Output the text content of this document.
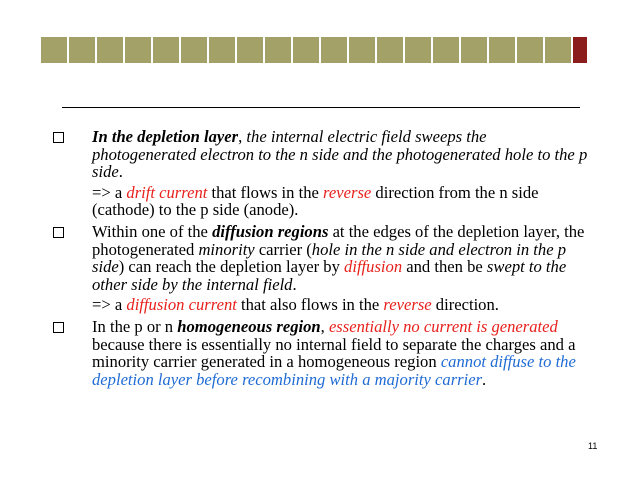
In the depletion layer, the internal electric field sweeps the photogenerated electron to the n side and the photogenerated hole to the p side.
=> a drift current that flows in the reverse direction from the n side (cathode) to the p side (anode).
Within one of the diffusion regions at the edges of the depletion layer, the photogenerated minority carrier (hole in the n side and electron in the p side) can reach the depletion layer by diffusion and then be swept to the other side by the internal field.
=> a diffusion current that also flows in the reverse direction.
In the p or n homogeneous region, essentially no current is generated because there is essentially no internal field to separate the charges and a minority carrier generated in a homogeneous region cannot diffuse to the depletion layer before recombining with a majority carrier.
11
